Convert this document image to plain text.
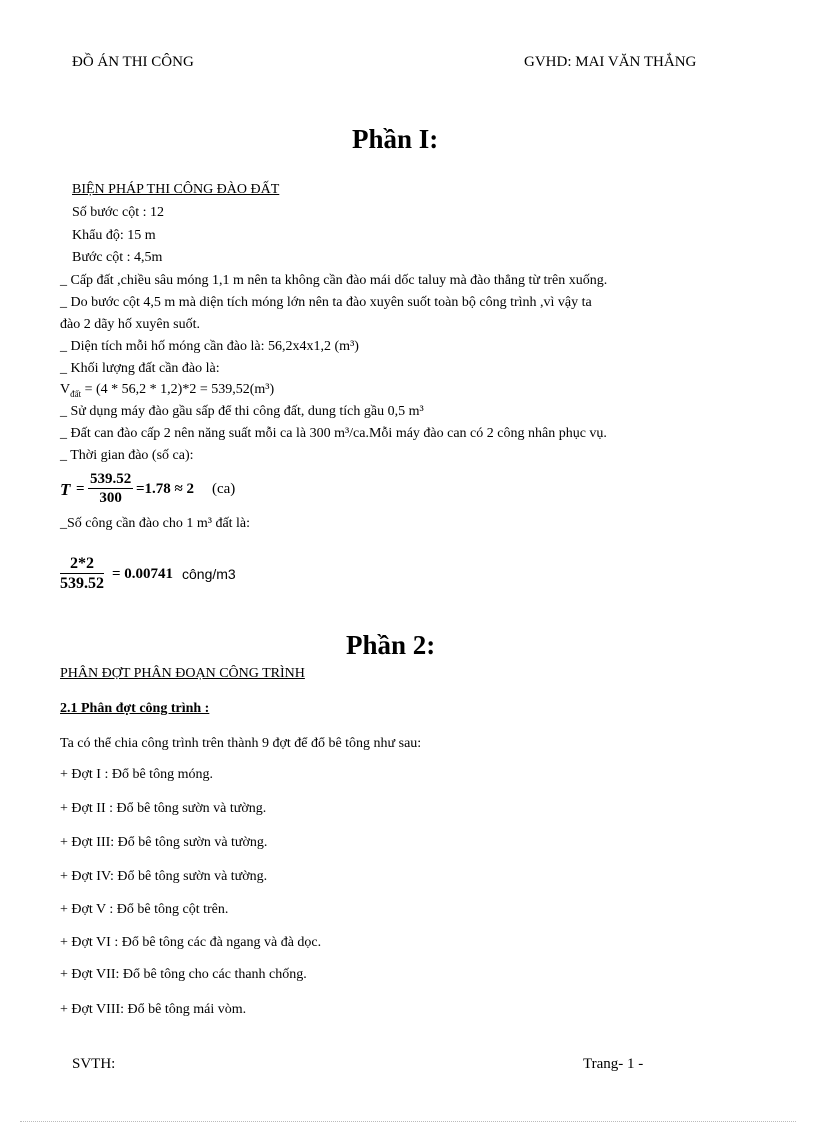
ĐỒ ÁN THI CÔNG	GVHD: MAI VĂN THẮNG
Phần I:
BIỆN PHÁP THI CÔNG ĐÀO ĐẤT
Số bước cột : 12
Khẩu độ: 15 m
Bước cột : 4,5m
_ Cấp đất ,chiều sâu móng 1,1 m nên ta không cần đào mái dốc taluy mà đào thẳng từ trên xuống.
_ Do bước cột 4,5 m mà diện tích móng lớn nên ta đào xuyên suốt toàn bộ công trình ,vì vậy ta
đào 2 dãy hố xuyên suốt.
_ Diện tích mỗi hố móng cần đào là: 56,2x4x1,2 (m³)
_ Khối lượng đất cần đào là:
$V_{đất} = (4 * 56,2 * 1,2)*2 = 539,52(m^3)$
_ Sử dụng máy đào gầu sấp để thi công đất, dung tích gầu 0,5 m³
_ Đất can đào cấp 2 nên năng suất mỗi ca là 300 m³/ca.Mỗi máy đào can có 2 công nhân phục vụ.
_ Thời gian đào (số ca):
$T = \frac{539.52}{300} =1.78 \approx 2$ (ca)
_Số công cần đào cho 1 m³ đất là:
$\frac{2*2}{539.52} = 0.00741$ công/m3
Phần 2:
PHÂN ĐỢT PHÂN ĐOẠN CÔNG TRÌNH
2.1 Phân đợt công trình :
Ta có thể chia công trình trên thành 9 đợt để đổ bê tông như sau:
+ Đợt I : Đổ bê tông móng.
+ Đợt II : Đổ bê tông sườn và tường.
+ Đợt III: Đổ bê tông sườn và tường.
+ Đợt IV: Đổ bê tông sườn và tường.
+ Đợt V : Đổ bê tông cột trên.
+ Đợt VI : Đổ bê tông các đà ngang và đà dọc.
+ Đợt VII: Đổ bê tông cho các thanh chống.
+ Đợt VIII: Đổ bê tông mái vòm.
SVTH:	Trang- 1 -
